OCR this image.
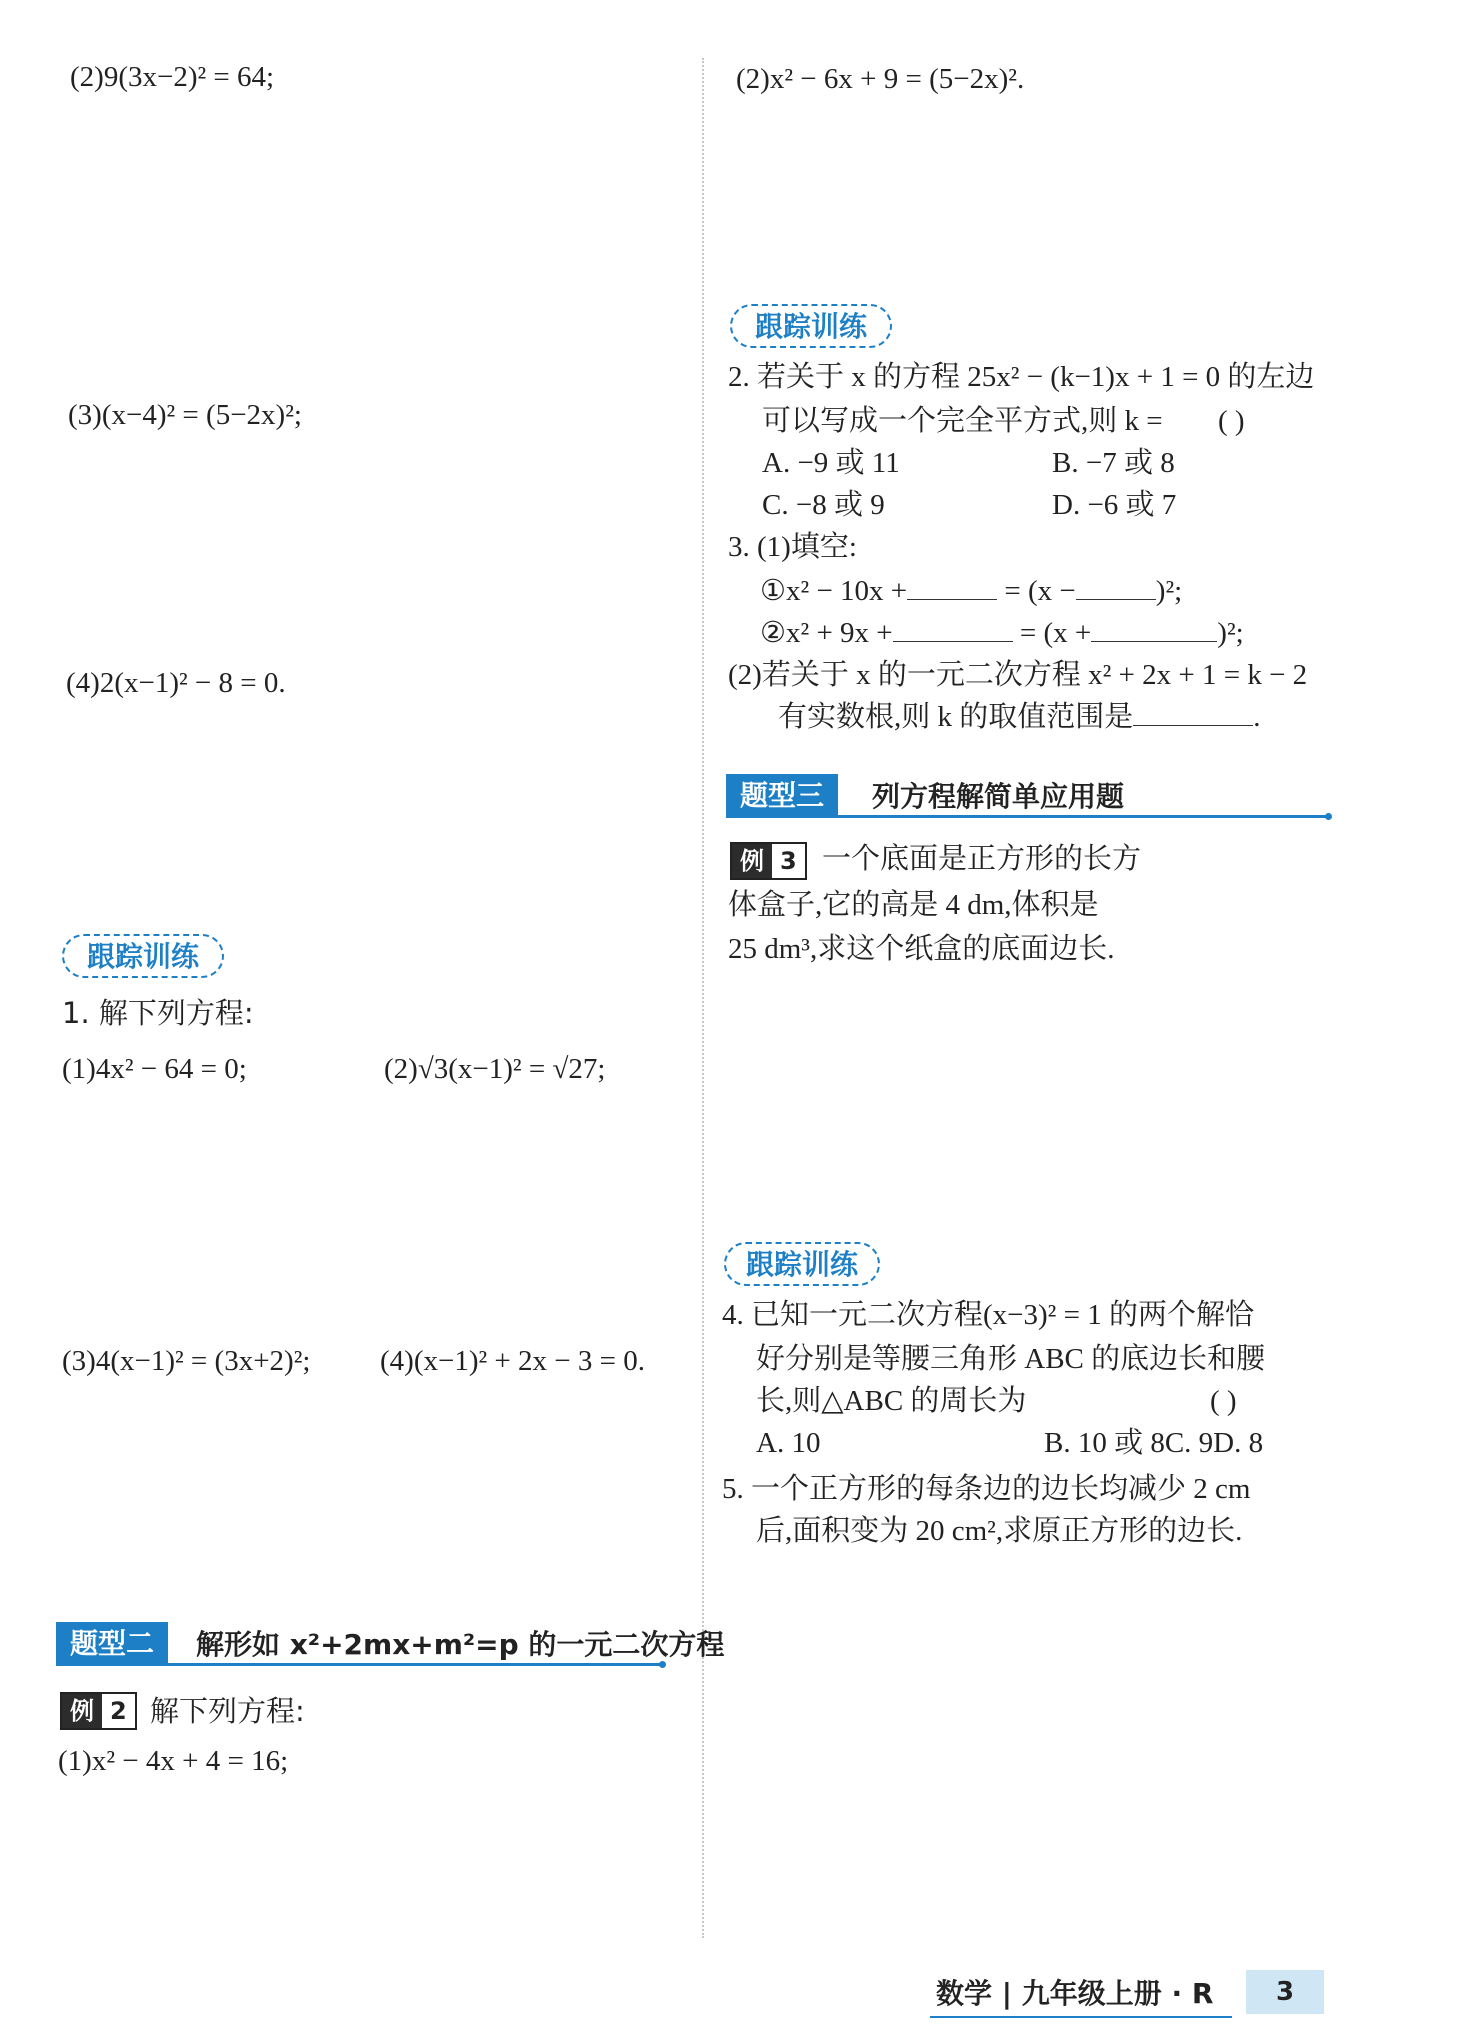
(2)9(3x−2)² = 64;
(3)(x−4)² = (5−2x)²;
(4)2(x−1)² − 8 = 0.
跟踪训练
1. 解下列方程:
(1)4x² − 64 = 0;	(2)√3(x−1)² = √27;
(3)4(x−1)² = (3x+2)²; (4)(x−1)² + 2x − 3 = 0.
题型二	解形如 x²+2mx+m²=p 的一元二次方程
例 2 解下列方程:
(1)x² − 4x + 4 = 16;
(2)x² − 6x + 9 = (5−2x)².
跟踪训练
2. 若关于 x 的方程 25x² − (k−1)x + 1 = 0 的左边
可以写成一个完全平方式,则 k = ( )
A. −9 或 11	B. −7 或 8
C. −8 或 9	D. −6 或 7
3. (1)填空:
①x² − 10x +	= (x −	)²;
②x² + 9x +	= (x +	)²;
(2)若关于 x 的一元二次方程 x² + 2x + 1 = k − 2
有实数根,则 k 的取值范围是	.
题型三	列方程解简单应用题
例 3 一个底面是正方形的长方
体盒子,它的高是 4 dm,体积是
25 dm³,求这个纸盒的底面边长.
跟踪训练
4. 已知一元二次方程(x−3)² = 1 的两个解恰
好分别是等腰三角形 ABC 的底边长和腰
长,则△ABC 的周长为	( )
A. 10	B. 10 或 8C. 9D. 8
5. 一个正方形的每条边的边长均减少 2 cm
后,面积变为 20 cm²,求原正方形的边长.
数学 | 九年级上册 · R	3
